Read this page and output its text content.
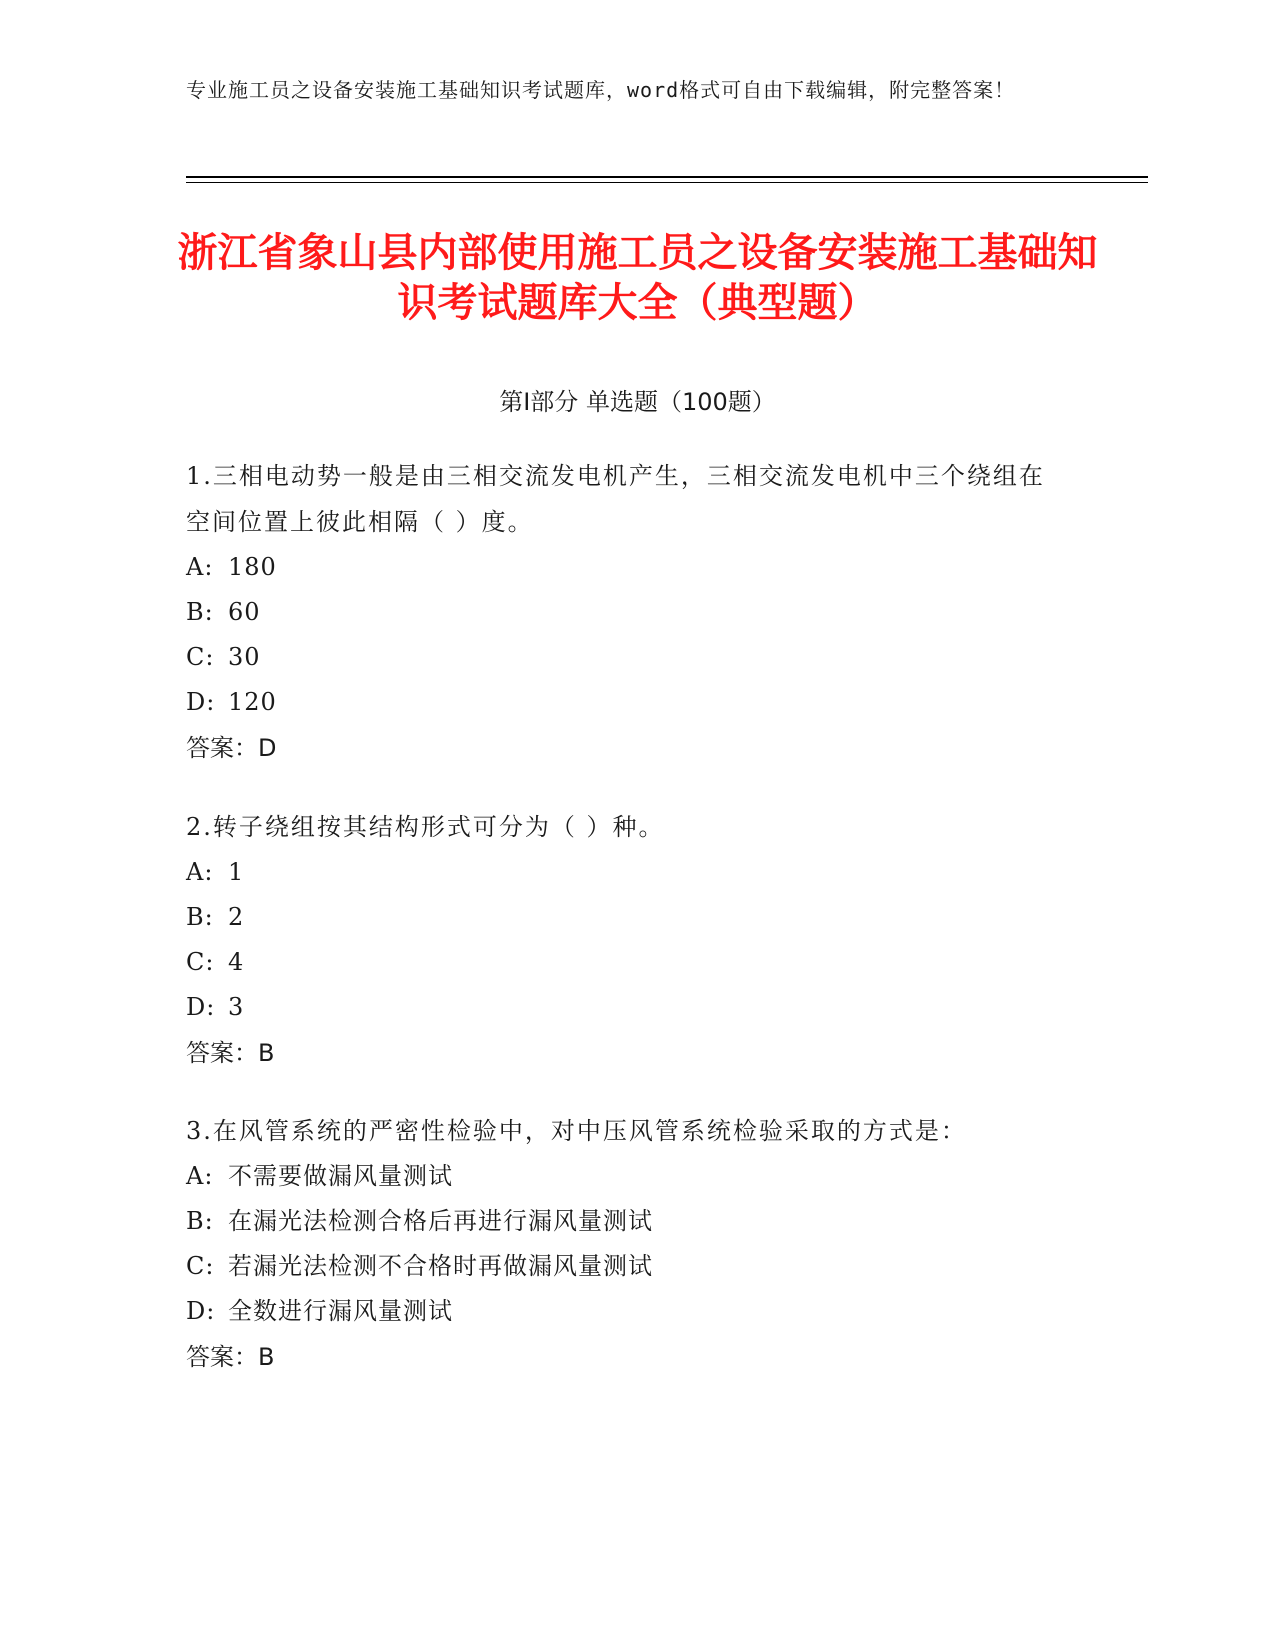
专业施工员之设备安装施工基础知识考试题库，word格式可自由下载编辑，附完整答案！
浙江省象山县内部使用施工员之设备安装施工基础知识考试题库大全（典型题）
第Ⅰ部分 单选题（100题）
1.三相电动势一般是由三相交流发电机产生，三相交流发电机中三个绕组在空间位置上彼此相隔（ ）度。
A: 180
B: 60
C: 30
D: 120
答案：D
2.转子绕组按其结构形式可分为（ ）种。
A: 1
B: 2
C: 4
D: 3
答案：B
3.在风管系统的严密性检验中，对中压风管系统检验采取的方式是：
A: 不需要做漏风量测试
B: 在漏光法检测合格后再进行漏风量测试
C: 若漏光法检测不合格时再做漏风量测试
D: 全数进行漏风量测试
答案：B
